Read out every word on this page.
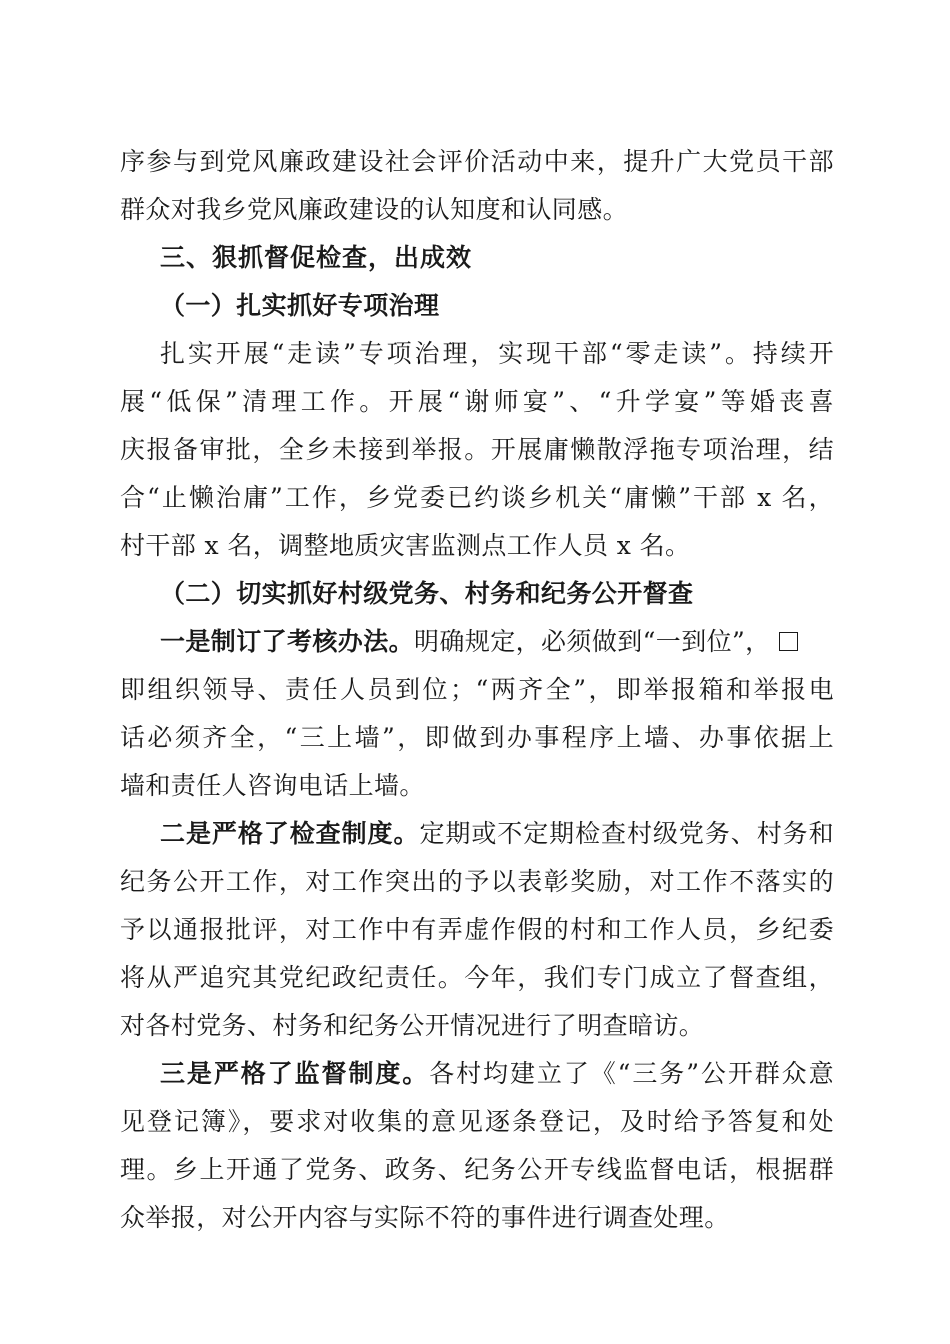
序参与到党风廉政建设社会评价活动中来，提升广大党员干部
群众对我乡党风廉政建设的认知度和认同感。
三、狠抓督促检查，出成效
（一）扎实抓好专项治理
扎实开展“走读”专项治理，实现干部“零走读”。持续开
展“低保”清理工作。开展“谢师宴”、“升学宴”等婚丧喜
庆报备审批，全乡未接到举报。开展庸懒散浮拖专项治理，结
合“止懒治庸”工作，乡党委已约谈乡机关“庸懒”干部 x 名，
村干部 x 名，调整地质灾害监测点工作人员 x 名。
（二）切实抓好村级党务、村务和纪务公开督查
一是制订了考核办法。明确规定，必须做到“一到位”，
即组织领导、责任人员到位；“两齐全”，即举报箱和举报电
话必须齐全，“三上墙”，即做到办事程序上墙、办事依据上
墙和责任人咨询电话上墙。
二是严格了检查制度。定期或不定期检查村级党务、村务和
纪务公开工作，对工作突出的予以表彰奖励，对工作不落实的
予以通报批评，对工作中有弄虚作假的村和工作人员，乡纪委
将从严追究其党纪政纪责任。今年，我们专门成立了督查组，
对各村党务、村务和纪务公开情况进行了明查暗访。
三是严格了监督制度。各村均建立了《“三务”公开群众意
见登记簿》，要求对收集的意见逐条登记，及时给予答复和处
理。乡上开通了党务、政务、纪务公开专线监督电话，根据群
众举报，对公开内容与实际不符的事件进行调查处理。
